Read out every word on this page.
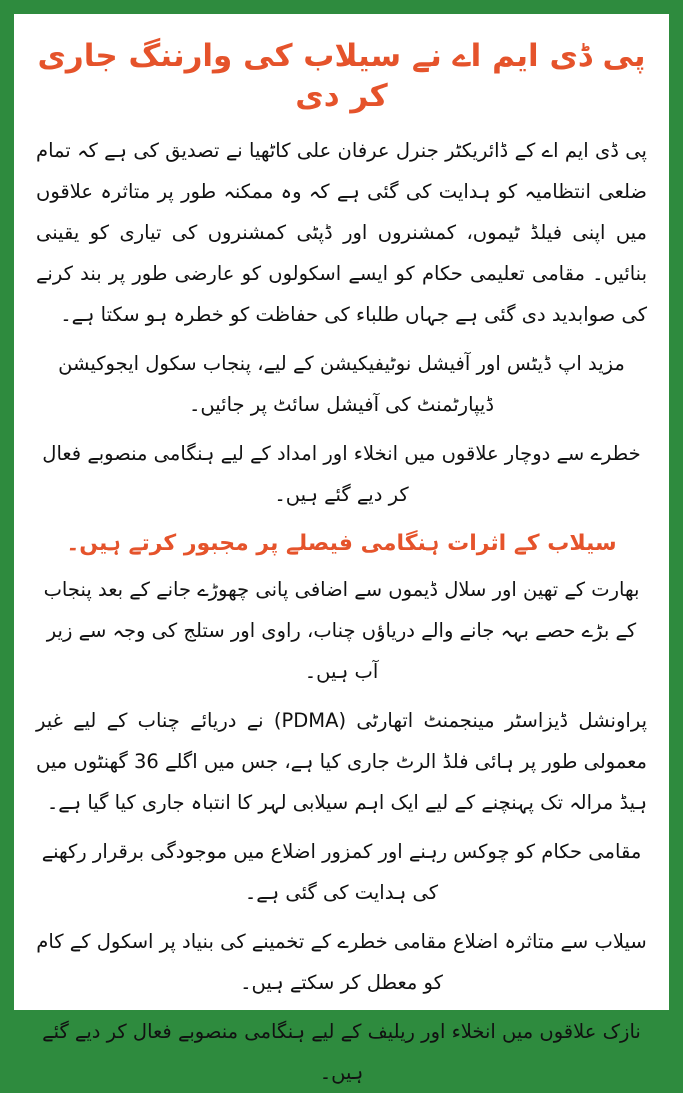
پی ڈی ایم اے نے سیلاب کی وارننگ جاری کر دی

پی ڈی ایم اے کے ڈائریکٹر جنرل عرفان علی کاٹھیا نے تصدیق کی ہے کہ تمام ضلعی انتظامیہ کو ہدایت کی گئی ہے کہ وہ ممکنہ طور پر متاثرہ علاقوں میں اپنی فیلڈ ٹیموں، کمشنروں اور ڈپٹی کمشنروں کی تیاری کو یقینی بنائیں۔ مقامی تعلیمی حکام کو ایسے اسکولوں کو عارضی طور پر بند کرنے کی صوابدید دی گئی ہے جہاں طلباء کی حفاظت کو خطرہ ہو سکتا ہے۔

مزید اپ ڈیٹس اور آفیشل نوٹیفیکیشن کے لیے، پنجاب سکول ایجوکیشن ڈیپارٹمنٹ کی آفیشل سائٹ پر جائیں۔

خطرے سے دوچار علاقوں میں انخلاء اور امداد کے لیے ہنگامی منصوبے فعال کر دیے گئے ہیں۔

سیلاب کے اثرات ہنگامی فیصلے پر مجبور کرتے ہیں۔

بھارت کے تھین اور سلال ڈیموں سے اضافی پانی چھوڑے جانے کے بعد پنجاب کے بڑے حصے بہہ جانے والے دریاؤں چناب، راوی اور ستلج کی وجہ سے زیر آب ہیں۔

پراونشل ڈیزاسٹر مینجمنٹ اتھارٹی (PDMA) نے دریائے چناب کے لیے غیر معمولی طور پر ہائی فلڈ الرٹ جاری کیا ہے، جس میں اگلے 36 گھنٹوں میں ہیڈ مرالہ تک پہنچنے کے لیے ایک اہم سیلابی لہر کا انتباہ جاری کیا گیا ہے۔

مقامی حکام کو چوکس رہنے اور کمزور اضلاع میں موجودگی برقرار رکھنے کی ہدایت کی گئی ہے۔

سیلاب سے متاثرہ اضلاع مقامی خطرے کے تخمینے کی بنیاد پر اسکول کے کام کو معطل کر سکتے ہیں۔

نازک علاقوں میں انخلاء اور ریلیف کے لیے ہنگامی منصوبے فعال کر دیے گئے ہیں۔
